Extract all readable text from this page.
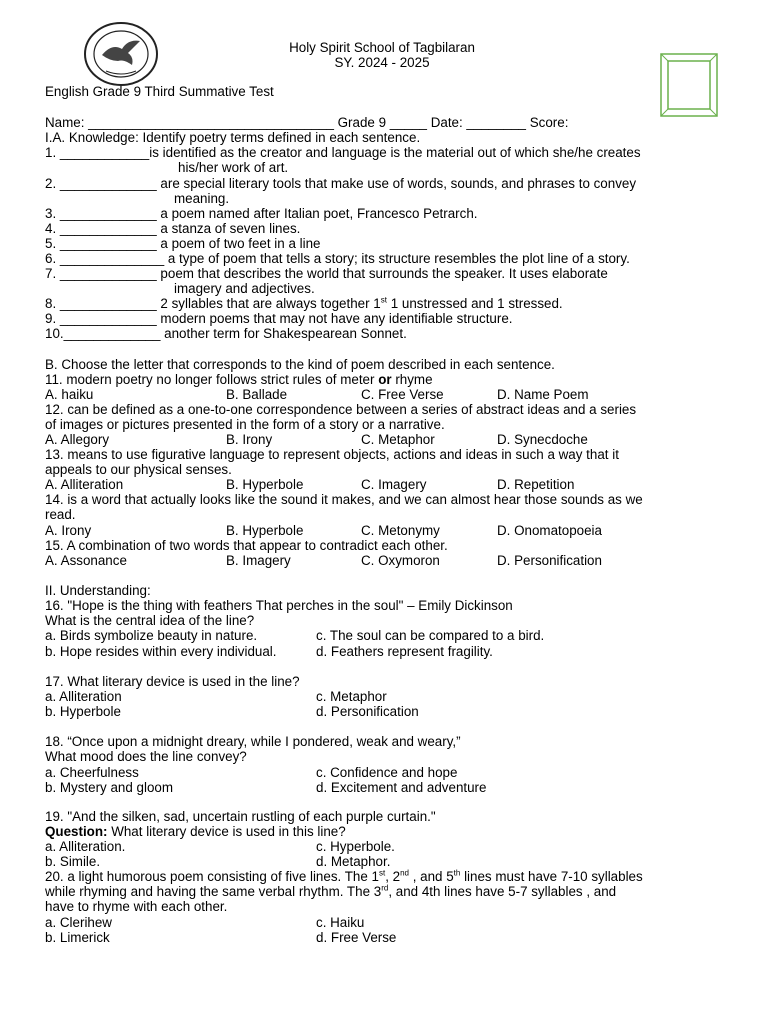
Holy Spirit School of Tagbilaran
SY. 2024 - 2025
English Grade 9 Third Summative Test
Name: _________________________________ Grade 9 _____ Date: ________ Score:
I.A. Knowledge: Identify poetry terms defined in each sentence.
1. ____________is identified as the creator and language is the material out of which she/he creates
his/her work of art.
2. _____________ are special literary tools that make use of words, sounds, and phrases to convey
meaning.
3. _____________ a poem named after Italian poet, Francesco Petrarch.
4. _____________ a stanza of seven lines.
5. _____________ a poem of two feet in a line
6. ______________ a type of poem that tells a story; its structure resembles the plot line of a story.
7. _____________ poem that describes the world that surrounds the speaker. It uses elaborate
imagery and adjectives.
8. _____________ 2 syllables that are always together 1st 1 unstressed and 1 stressed.
9. _____________ modern poems that may not have any identifiable structure.
10._____________ another term for Shakespearean Sonnet.
B. Choose the letter that corresponds to the kind of poem described in each sentence.
11. modern poetry no longer follows strict rules of meter or rhyme
A. haiku	B. Ballade	C. Free Verse	D. Name Poem
12. can be defined as a one-to-one correspondence between a series of abstract ideas and a series
of images or pictures presented in the form of a story or a narrative.
A. Allegory	B. Irony	C. Metaphor	D. Synecdoche
13. means to use figurative language to represent objects, actions and ideas in such a way that it
appeals to our physical senses.
A. Alliteration	B. Hyperbole	C. Imagery	D. Repetition
14. is a word that actually looks like the sound it makes, and we can almost hear those sounds as we
read.
A. Irony	B. Hyperbole	C. Metonymy	D. Onomatopoeia
15. A combination of two words that appear to contradict each other.
A. Assonance	B. Imagery	C. Oxymoron	D. Personification
II. Understanding:
16. "Hope is the thing with feathers That perches in the soul" – Emily Dickinson
What is the central idea of the line?
a. Birds symbolize beauty in nature.	c. The soul can be compared to a bird.
b. Hope resides within every individual.	d. Feathers represent fragility.
17. What literary device is used in the line?
a. Alliteration	c. Metaphor
b. Hyperbole	d. Personification
18. “Once upon a midnight dreary, while I pondered, weak and weary,”
What mood does the line convey?
a. Cheerfulness	c. Confidence and hope
b. Mystery and gloom	d. Excitement and adventure
19. "And the silken, sad, uncertain rustling of each purple curtain."
Question: What literary device is used in this line?
a. Alliteration.	c. Hyperbole.
b. Simile.	d. Metaphor.
20. a light humorous poem consisting of five lines. The 1st, 2nd , and 5th lines must have 7-10 syllables
while rhyming and having the same verbal rhythm. The 3rd, and 4th lines have 5-7 syllables , and
have to rhyme with each other.
a. Clerihew	c. Haiku
b. Limerick	d. Free Verse
